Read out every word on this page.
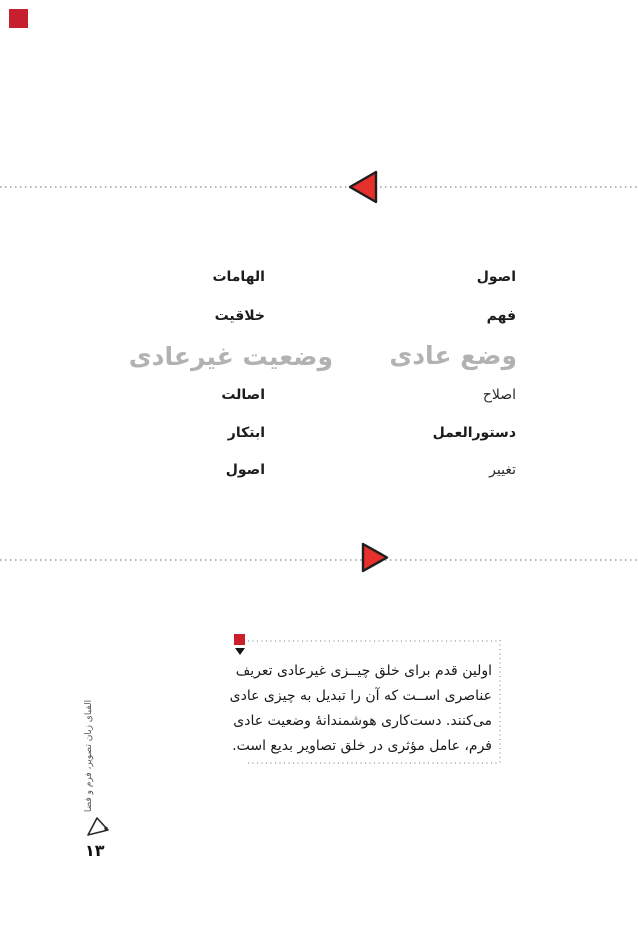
اصول
فهم
وضع عادی
اصلاح
دستورالعمل
تغییر
الهامات
خلاقیت
وضعیت غیرعادی
اصالت
ابتکار
اصول
اولین قدم برای خلق چیــزی غیرعادی تعریف
عناصری اســت که آن را تبدیل به چیزی عادی
می‌کنند. دست‌کاری هوشمندانهٔ وضعیت عادی
فرم، عامل مؤثری در خلق تصاویر بدیع است.
الفبای زبان تصویر، فرم و فضا
۱۳
